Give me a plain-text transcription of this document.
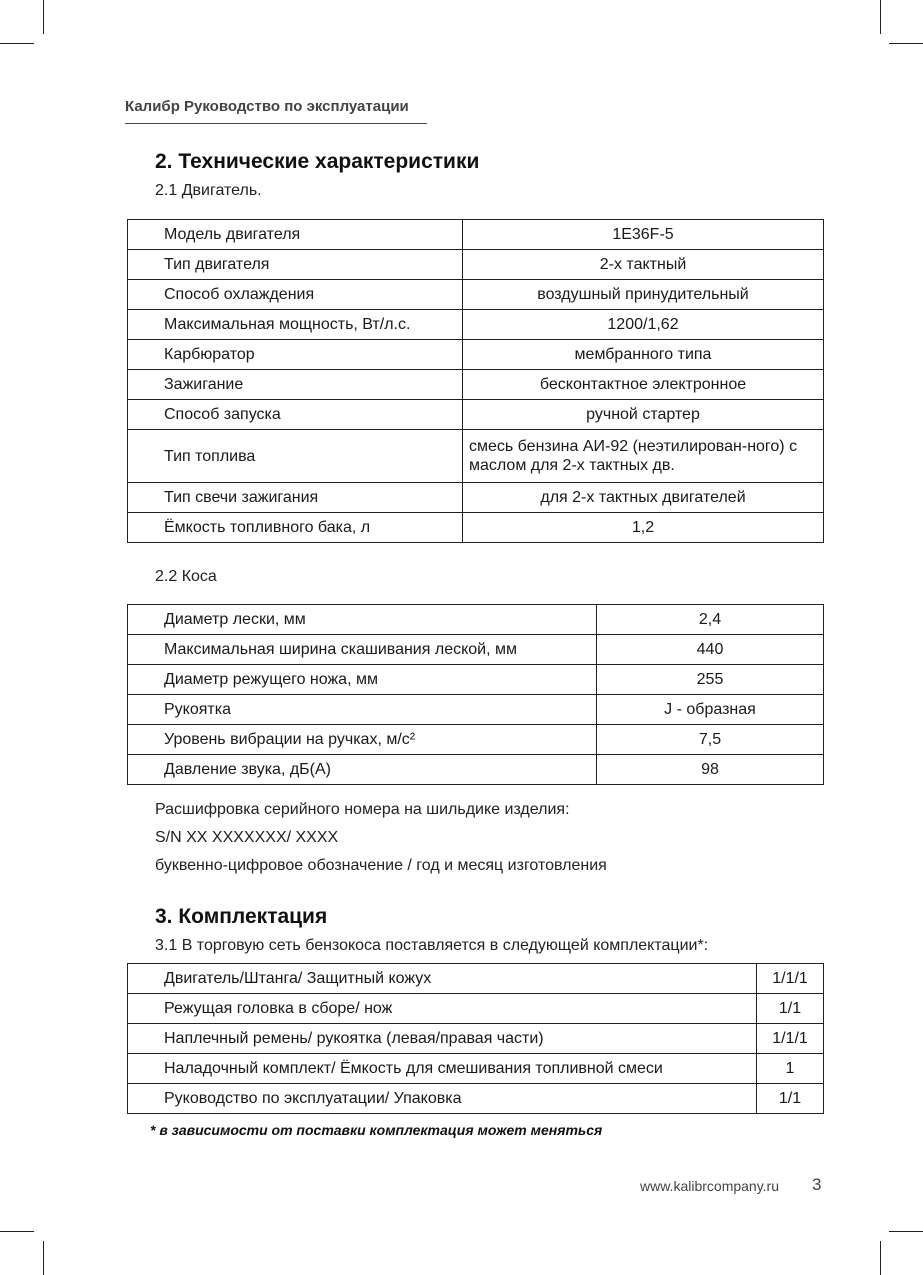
Калибр Руководство по эксплуатации
2. Технические характеристики
2.1 Двигатель.
Модель двигателя	1E36F-5
Тип двигателя	2-х тактный
Способ охлаждения	воздушный принудительный
Максимальная мощность, Вт/л.с.	1200/1,62
Карбюратор	мембранного типа
Зажигание	бесконтактное электронное
Способ запуска	ручной стартер
Тип топлива	смесь бензина АИ-92 (неэтилирован-ного) с маслом для 2-х тактных дв.
Тип свечи зажигания	для 2-х тактных двигателей
Ёмкость топливного бака, л	1,2
2.2 Коса
Диаметр лески, мм	2,4
Максимальная ширина скашивания леской, мм	440
Диаметр режущего ножа, мм	255
Рукоятка	J - образная
Уровень вибрации на ручках, м/с²	7,5
Давление звука, дБ(А)	98
Расшифровка серийного номера на шильдике изделия:
S/N XX XXXXXXX/ XXXX
буквенно-цифровое обозначение / год и месяц изготовления
3. Комплектация
3.1 В торговую сеть бензокоса поставляется в следующей комплектации*:
Двигатель/Штанга/ Защитный кожух	1/1/1
Режущая головка в сборе/ нож	1/1
Наплечный ремень/ рукоятка (левая/правая части)	1/1/1
Наладочный комплект/ Ёмкость для смешивания топливной смеси	1
Руководство по эксплуатации/ Упаковка	1/1
* в зависимости от поставки комплектация может меняться
www.kalibrcompany.ru 3
